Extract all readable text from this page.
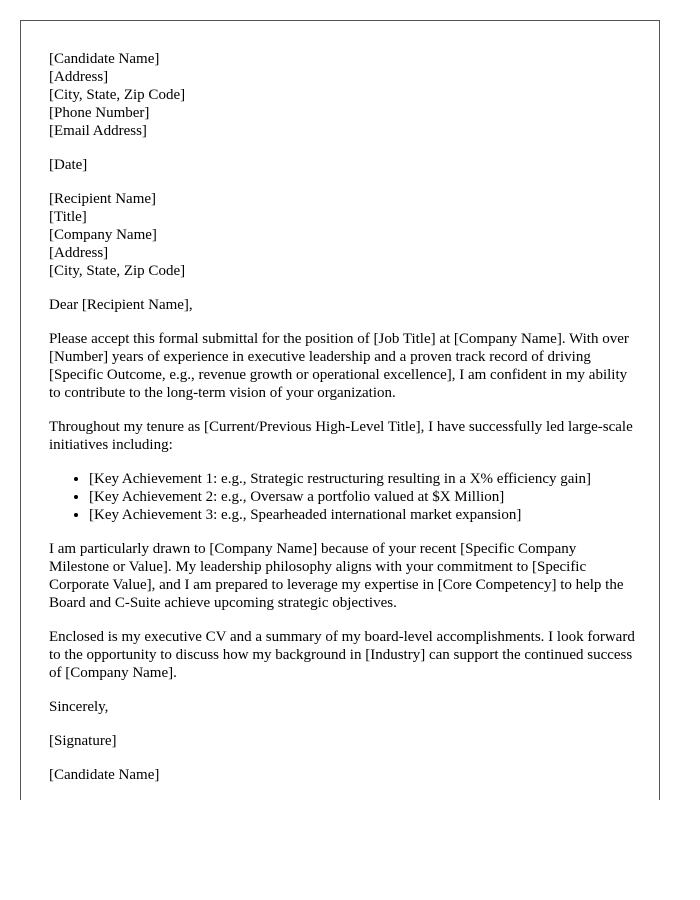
[Candidate Name]
[Address]
[City, State, Zip Code]
[Phone Number]
[Email Address]
[Date]
[Recipient Name]
[Title]
[Company Name]
[Address]
[City, State, Zip Code]

Dear [Recipient Name],

Please accept this formal submittal for the position of [Job Title] at [Company Name]. With over [Number] years of experience in executive leadership and a proven track record of driving [Specific Outcome, e.g., revenue growth or operational excellence], I am confident in my ability to contribute to the long-term vision of your organization.

Throughout my tenure as [Current/Previous High-Level Title], I have successfully led large-scale initiatives including:

• [Key Achievement 1: e.g., Strategic restructuring resulting in a X% efficiency gain]
• [Key Achievement 2: e.g., Oversaw a portfolio valued at $X Million]
• [Key Achievement 3: e.g., Spearheaded international market expansion]

I am particularly drawn to [Company Name] because of your recent [Specific Company Milestone or Value]. My leadership philosophy aligns with your commitment to [Specific Corporate Value], and I am prepared to leverage my expertise in [Core Competency] to help the Board and C-Suite achieve upcoming strategic objectives.

Enclosed is my executive CV and a summary of my board-level accomplishments. I look forward to the opportunity to discuss how my background in [Industry] can support the continued success of [Company Name].

Sincerely,

[Signature]

[Candidate Name]
